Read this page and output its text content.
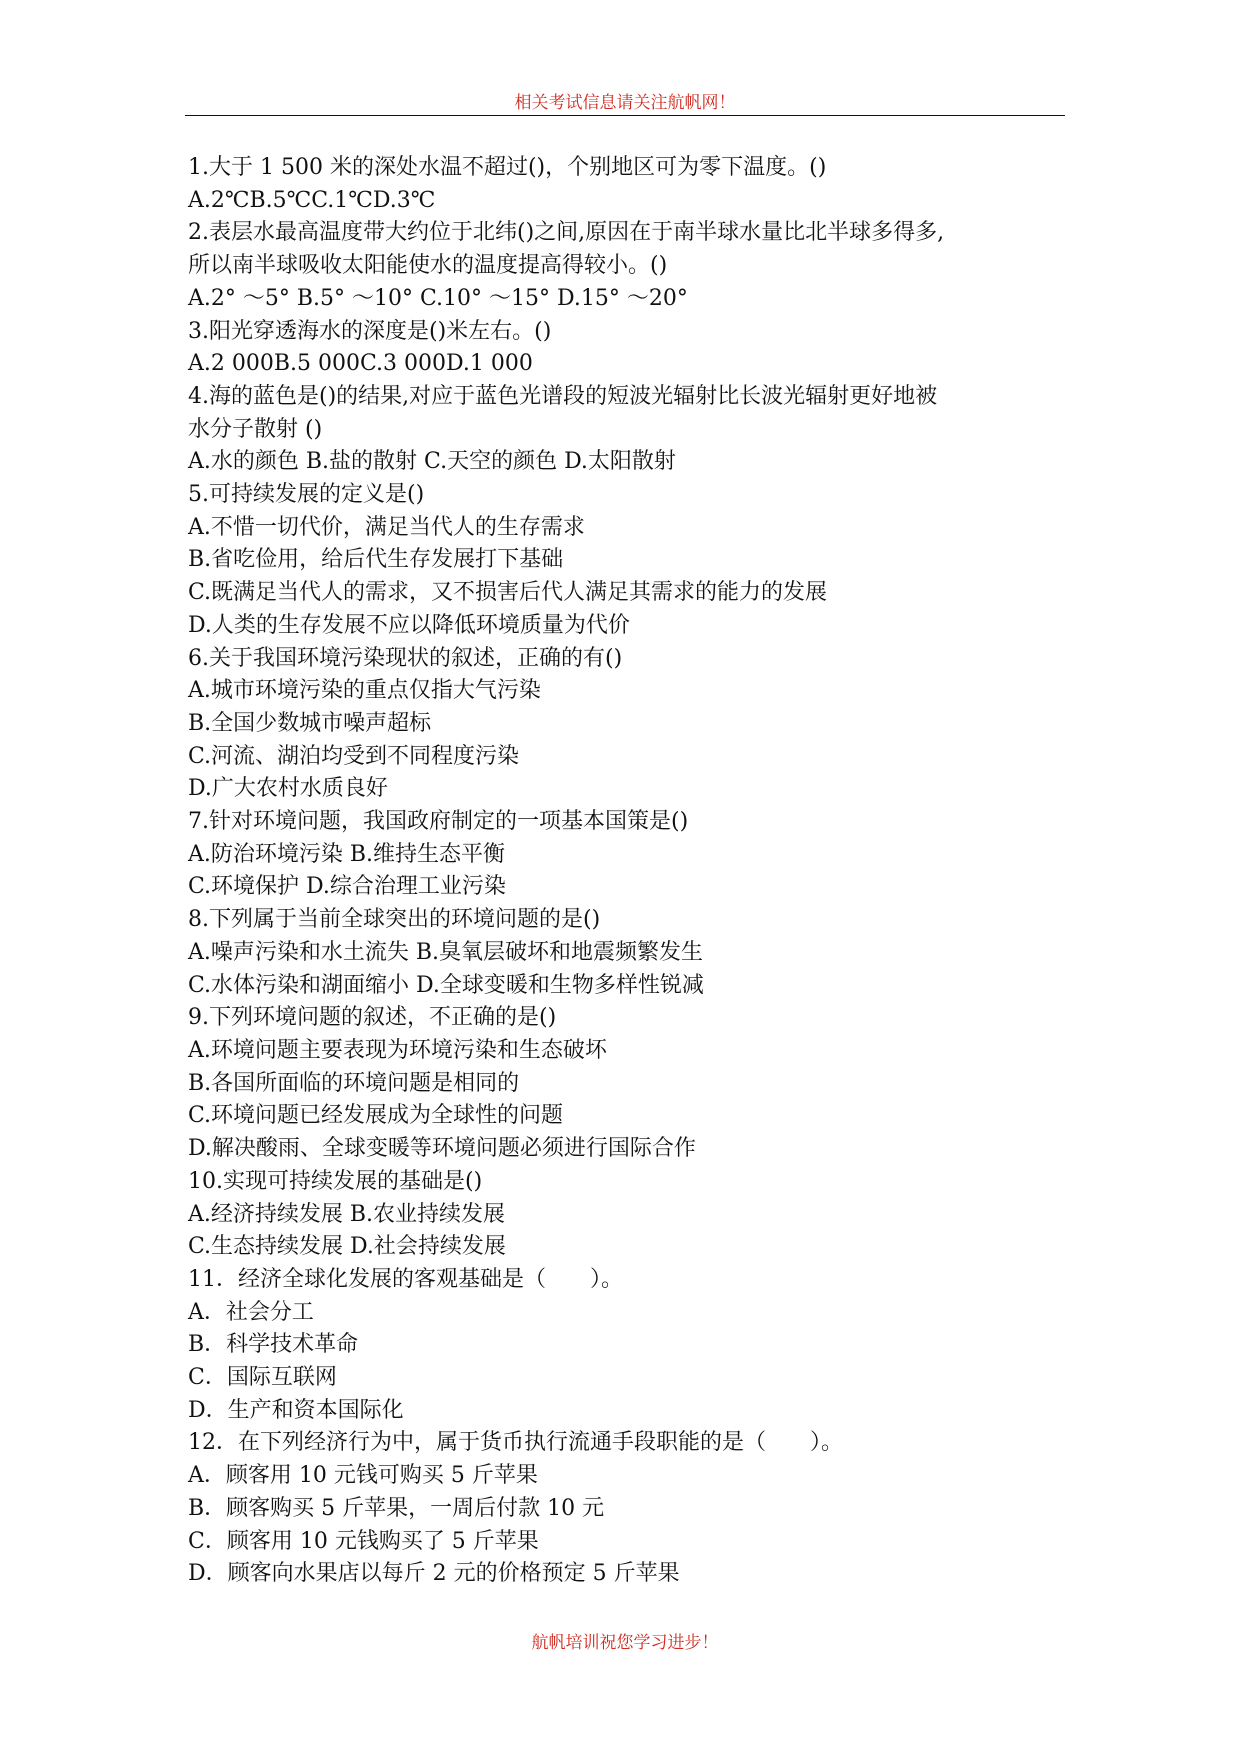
相关考试信息请关注航帆网！
1.大于 1 500 米的深处水温不超过()，个别地区可为零下温度。()
A.2℃B.5℃C.1℃D.3℃
2.表层水最高温度带大约位于北纬()之间,原因在于南半球水量比北半球多得多,
所以南半球吸收太阳能使水的温度提高得较小。()
A.2° ～5° B.5° ～10° C.10° ～15° D.15° ～20°
3.阳光穿透海水的深度是()米左右。()
A.2 000B.5 000C.3 000D.1 000
4.海的蓝色是()的结果,对应于蓝色光谱段的短波光辐射比长波光辐射更好地被
水分子散射 ()
A.水的颜色 B.盐的散射 C.天空的颜色 D.太阳散射
5.可持续发展的定义是()
A.不惜一切代价，满足当代人的生存需求
B.省吃俭用，给后代生存发展打下基础
C.既满足当代人的需求，又不损害后代人满足其需求的能力的发展
D.人类的生存发展不应以降低环境质量为代价
6.关于我国环境污染现状的叙述，正确的有()
A.城市环境污染的重点仅指大气污染
B.全国少数城市噪声超标
C.河流、湖泊均受到不同程度污染
D.广大农村水质良好
7.针对环境问题，我国政府制定的一项基本国策是()
A.防治环境污染 B.维持生态平衡
C.环境保护 D.综合治理工业污染
8.下列属于当前全球突出的环境问题的是()
A.噪声污染和水土流失 B.臭氧层破坏和地震频繁发生
C.水体污染和湖面缩小 D.全球变暖和生物多样性锐减
9.下列环境问题的叙述，不正确的是()
A.环境问题主要表现为环境污染和生态破坏
B.各国所面临的环境问题是相同的
C.环境问题已经发展成为全球性的问题
D.解决酸雨、全球变暖等环境问题必须进行国际合作
10.实现可持续发展的基础是()
A.经济持续发展 B.农业持续发展
C.生态持续发展 D.社会持续发展
11．经济全球化发展的客观基础是（　　）。
A．社会分工
B．科学技术革命
C．国际互联网
D．生产和资本国际化
12．在下列经济行为中，属于货币执行流通手段职能的是（　　）。
A．顾客用 10 元钱可购买 5 斤苹果
B．顾客购买 5 斤苹果，一周后付款 10 元
C．顾客用 10 元钱购买了 5 斤苹果
D．顾客向水果店以每斤 2 元的价格预定 5 斤苹果
航帆培训祝您学习进步！
